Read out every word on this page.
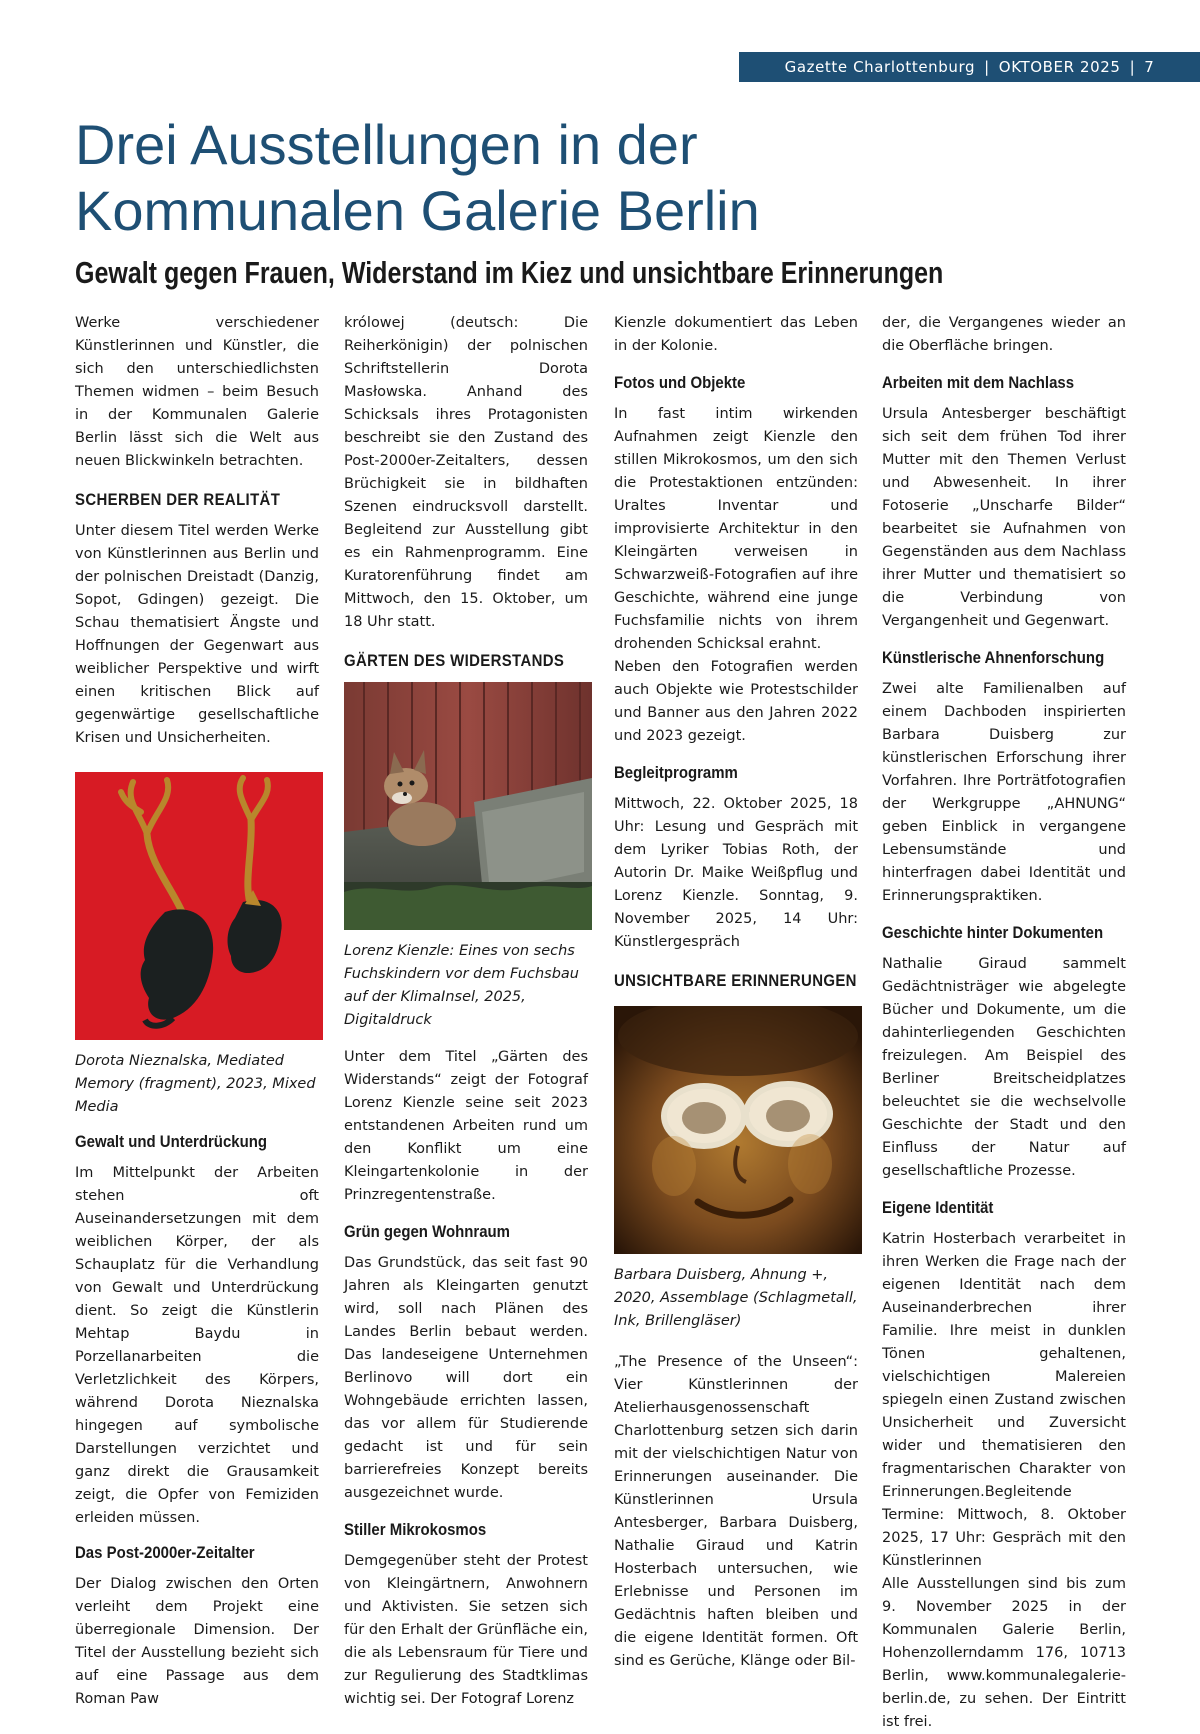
Gazette Charlottenburg | OKTOBER 2025 | 7
Drei Ausstellungen in der
Kommunalen Galerie Berlin
Gewalt gegen Frauen, Widerstand im Kiez und unsichtbare Erinnerungen

Werke verschiedener Künstlerinnen und Künstler, die sich den unterschiedlichsten Themen widmen – beim Besuch in der Kommunalen Galerie Berlin lässt sich die Welt aus neuen Blickwinkeln betrachten.

SCHERBEN DER REALITÄT

Unter diesem Titel werden Werke von Künstlerinnen aus Berlin und der polnischen Dreistadt (Danzig, Sopot, Gdingen) gezeigt. Die Schau thematisiert Ängste und Hoffnungen der Gegenwart aus weiblicher Perspektive und wirft einen kritischen Blick auf gegenwärtige gesellschaftliche Krisen und Unsicherheiten.

Dorota Nieznalska, Mediated Memory (fragment), 2023, Mixed Media
Gewalt und Unterdrückung

Im Mittelpunkt der Arbeiten stehen oft Auseinandersetzungen mit dem weiblichen Körper, der als Schauplatz für die Verhandlung von Gewalt und Unterdrückung dient. So zeigt die Künstlerin Mehtap Baydu in Porzellanarbeiten die Verletzlichkeit des Körpers, während Dorota Nieznalska hingegen auf symbolische Darstellungen verzichtet und ganz direkt die Grausamkeit zeigt, die Opfer von Femiziden erleiden müssen.

Das Post-2000er-Zeitalter

Der Dialog zwischen den Orten verleiht dem Projekt eine überregionale Dimension. Der Titel der Ausstellung bezieht sich auf eine Passage aus dem Roman Paw

królowej (deutsch: Die Reiherkönigin) der polnischen Schriftstellerin Dorota Masłowska. Anhand des Schicksals ihres Protagonisten beschreibt sie den Zustand des Post-2000er-Zeitalters, dessen Brüchigkeit sie in bildhaften Szenen eindrucksvoll darstellt. Begleitend zur Ausstellung gibt es ein Rahmenprogramm. Eine Kuratorenführung findet am Mittwoch, den 15. Oktober, um 18 Uhr statt.

GÄRTEN DES WIDERSTANDS
Lorenz Kienzle: Eines von sechs Fuchskindern vor dem Fuchsbau auf der KlimaInsel, 2025, Digitaldruck

Unter dem Titel „Gärten des Widerstands“ zeigt der Fotograf Lorenz Kienzle seine seit 2023 entstandenen Arbeiten rund um den Konflikt um eine Kleingartenkolonie in der Prinzregentenstraße.

Grün gegen Wohnraum

Das Grundstück, das seit fast 90 Jahren als Kleingarten genutzt wird, soll nach Plänen des Landes Berlin bebaut werden. Das landeseigene Unternehmen Berlinovo will dort ein Wohngebäude errichten lassen, das vor allem für Studierende gedacht ist und für sein barrierefreies Konzept bereits ausgezeichnet wurde.

Stiller Mikrokosmos

Demgegenüber steht der Protest von Kleingärtnern, Anwohnern und Aktivisten. Sie setzen sich für den Erhalt der Grünfläche ein, die als Lebensraum für Tiere und zur Regulierung des Stadtklimas wichtig sei. Der Fotograf Lorenz

Kienzle dokumentiert das Leben in der Kolonie.

Fotos und Objekte

In fast intim wirkenden Aufnahmen zeigt Kienzle den stillen Mikrokosmos, um den sich die Protestaktionen entzünden: Uraltes Inventar und improvisierte Architektur in den Kleingärten verweisen in Schwarzweiß-Fotografien auf ihre Geschichte, während eine junge Fuchsfamilie nichts von ihrem drohenden Schicksal erahnt.

Neben den Fotografien werden auch Objekte wie Protestschilder und Banner aus den Jahren 2022 und 2023 gezeigt.

Begleitprogramm

Mittwoch, 22. Oktober 2025, 18 Uhr: Lesung und Gespräch mit dem Lyriker Tobias Roth, der Autorin Dr. Maike Weißpflug und Lorenz Kienzle. Sonntag, 9. November 2025, 14 Uhr: Künstlergespräch

UNSICHTBARE ERINNERUNGEN
Barbara Duisberg, Ahnung +, 2020, Assemblage (Schlagmetall, Ink, Brillengläser)

„The Presence of the Unseen“: Vier Künstlerinnen der Atelierhausgenossenschaft Charlottenburg setzen sich darin mit der vielschichtigen Natur von Erinnerungen auseinander. Die Künstlerinnen Ursula Antesberger, Barbara Duisberg, Nathalie Giraud und Katrin Hosterbach untersuchen, wie Erlebnisse und Personen im Gedächtnis haften bleiben und die eigene Identität formen. Oft sind es Gerüche, Klänge oder Bil-

der, die Vergangenes wieder an die Oberfläche bringen.

Arbeiten mit dem Nachlass

Ursula Antesberger beschäftigt sich seit dem frühen Tod ihrer Mutter mit den Themen Verlust und Abwesenheit. In ihrer Fotoserie „Unscharfe Bilder“ bearbeitet sie Aufnahmen von Gegenständen aus dem Nachlass ihrer Mutter und thematisiert so die Verbindung von Vergangenheit und Gegenwart.

Künstlerische Ahnenforschung

Zwei alte Familienalben auf einem Dachboden inspirierten Barbara Duisberg zur künstlerischen Erforschung ihrer Vorfahren. Ihre Porträtfotografien der Werkgruppe „AHNUNG“ geben Einblick in vergangene Lebensumstände und hinterfragen dabei Identität und Erinnerungspraktiken.

Geschichte hinter Dokumenten

Nathalie Giraud sammelt Gedächtnisträger wie abgelegte Bücher und Dokumente, um die dahinterliegenden Geschichten freizulegen. Am Beispiel des Berliner Breitscheidplatzes beleuchtet sie die wechselvolle Geschichte der Stadt und den Einfluss der Natur auf gesellschaftliche Prozesse.

Eigene Identität

Katrin Hosterbach verarbeitet in ihren Werken die Frage nach der eigenen Identität nach dem Auseinanderbrechen ihrer Familie. Ihre meist in dunklen Tönen gehaltenen, vielschichtigen Malereien spiegeln einen Zustand zwischen Unsicherheit und Zuversicht wider und thematisieren den fragmentarischen Charakter von Erinnerungen.Begleitende Termine: Mittwoch, 8. Oktober 2025, 17 Uhr: Gespräch mit den Künstlerinnen

Alle Ausstellungen sind bis zum 9. November 2025 in der Kommunalen Galerie Berlin, Hohenzollerndamm 176, 10713 Berlin, www.kommunalegalerie-berlin.de, zu sehen. Der Eintritt ist frei.
